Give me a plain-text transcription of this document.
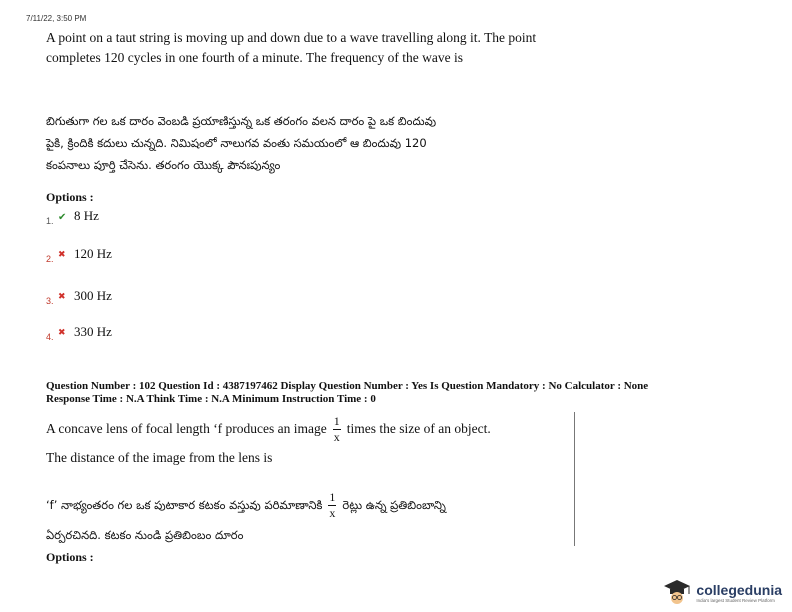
7/11/22, 3:50 PM
A point on a taut string is moving up and down due to a wave travelling along it. The point completes 120 cycles in one fourth of a minute. The frequency of the wave is
బిగుతుగా గల ఒక దారం వెంబడి ప్రయాణిస్తున్న ఒక తరంగం వలన దారం పై ఒక బిందువు
పైకి, క్రిందికి కదులు చున్నది. నిమిషంలో నాలుగవ వంతు సమయంలో ఆ బిందువు 120
కంపనాలు పూర్తి చేసెను. తరంగం యొక్క పౌనఃపున్యం
Options :
1. ✔ 8 Hz
2. ✖ 120 Hz
3. ✖ 300 Hz
4. ✖ 330 Hz
Question Number : 102 Question Id : 4387197462 Display Question Number : Yes Is Question Mandatory : No Calculator : None
Response Time : N.A Think Time : N.A Minimum Instruction Time : 0
A concave lens of focal length ‘f produces an image $\frac{1}{x}$ times the size of an object.
The distance of the image from the lens is
‘f’ నాభ్యంతరం గల ఒక పుటాకార కటకం వస్తువు పరిమాణానికి $\frac{1}{x}$ రెట్లు ఉన్న ప్రతిబింబాన్ని
ఏర్పరచినది. కటకం నుండి ప్రతిబింబం దూరం
Options :
collegedunia
India's largest Student Review Platform
